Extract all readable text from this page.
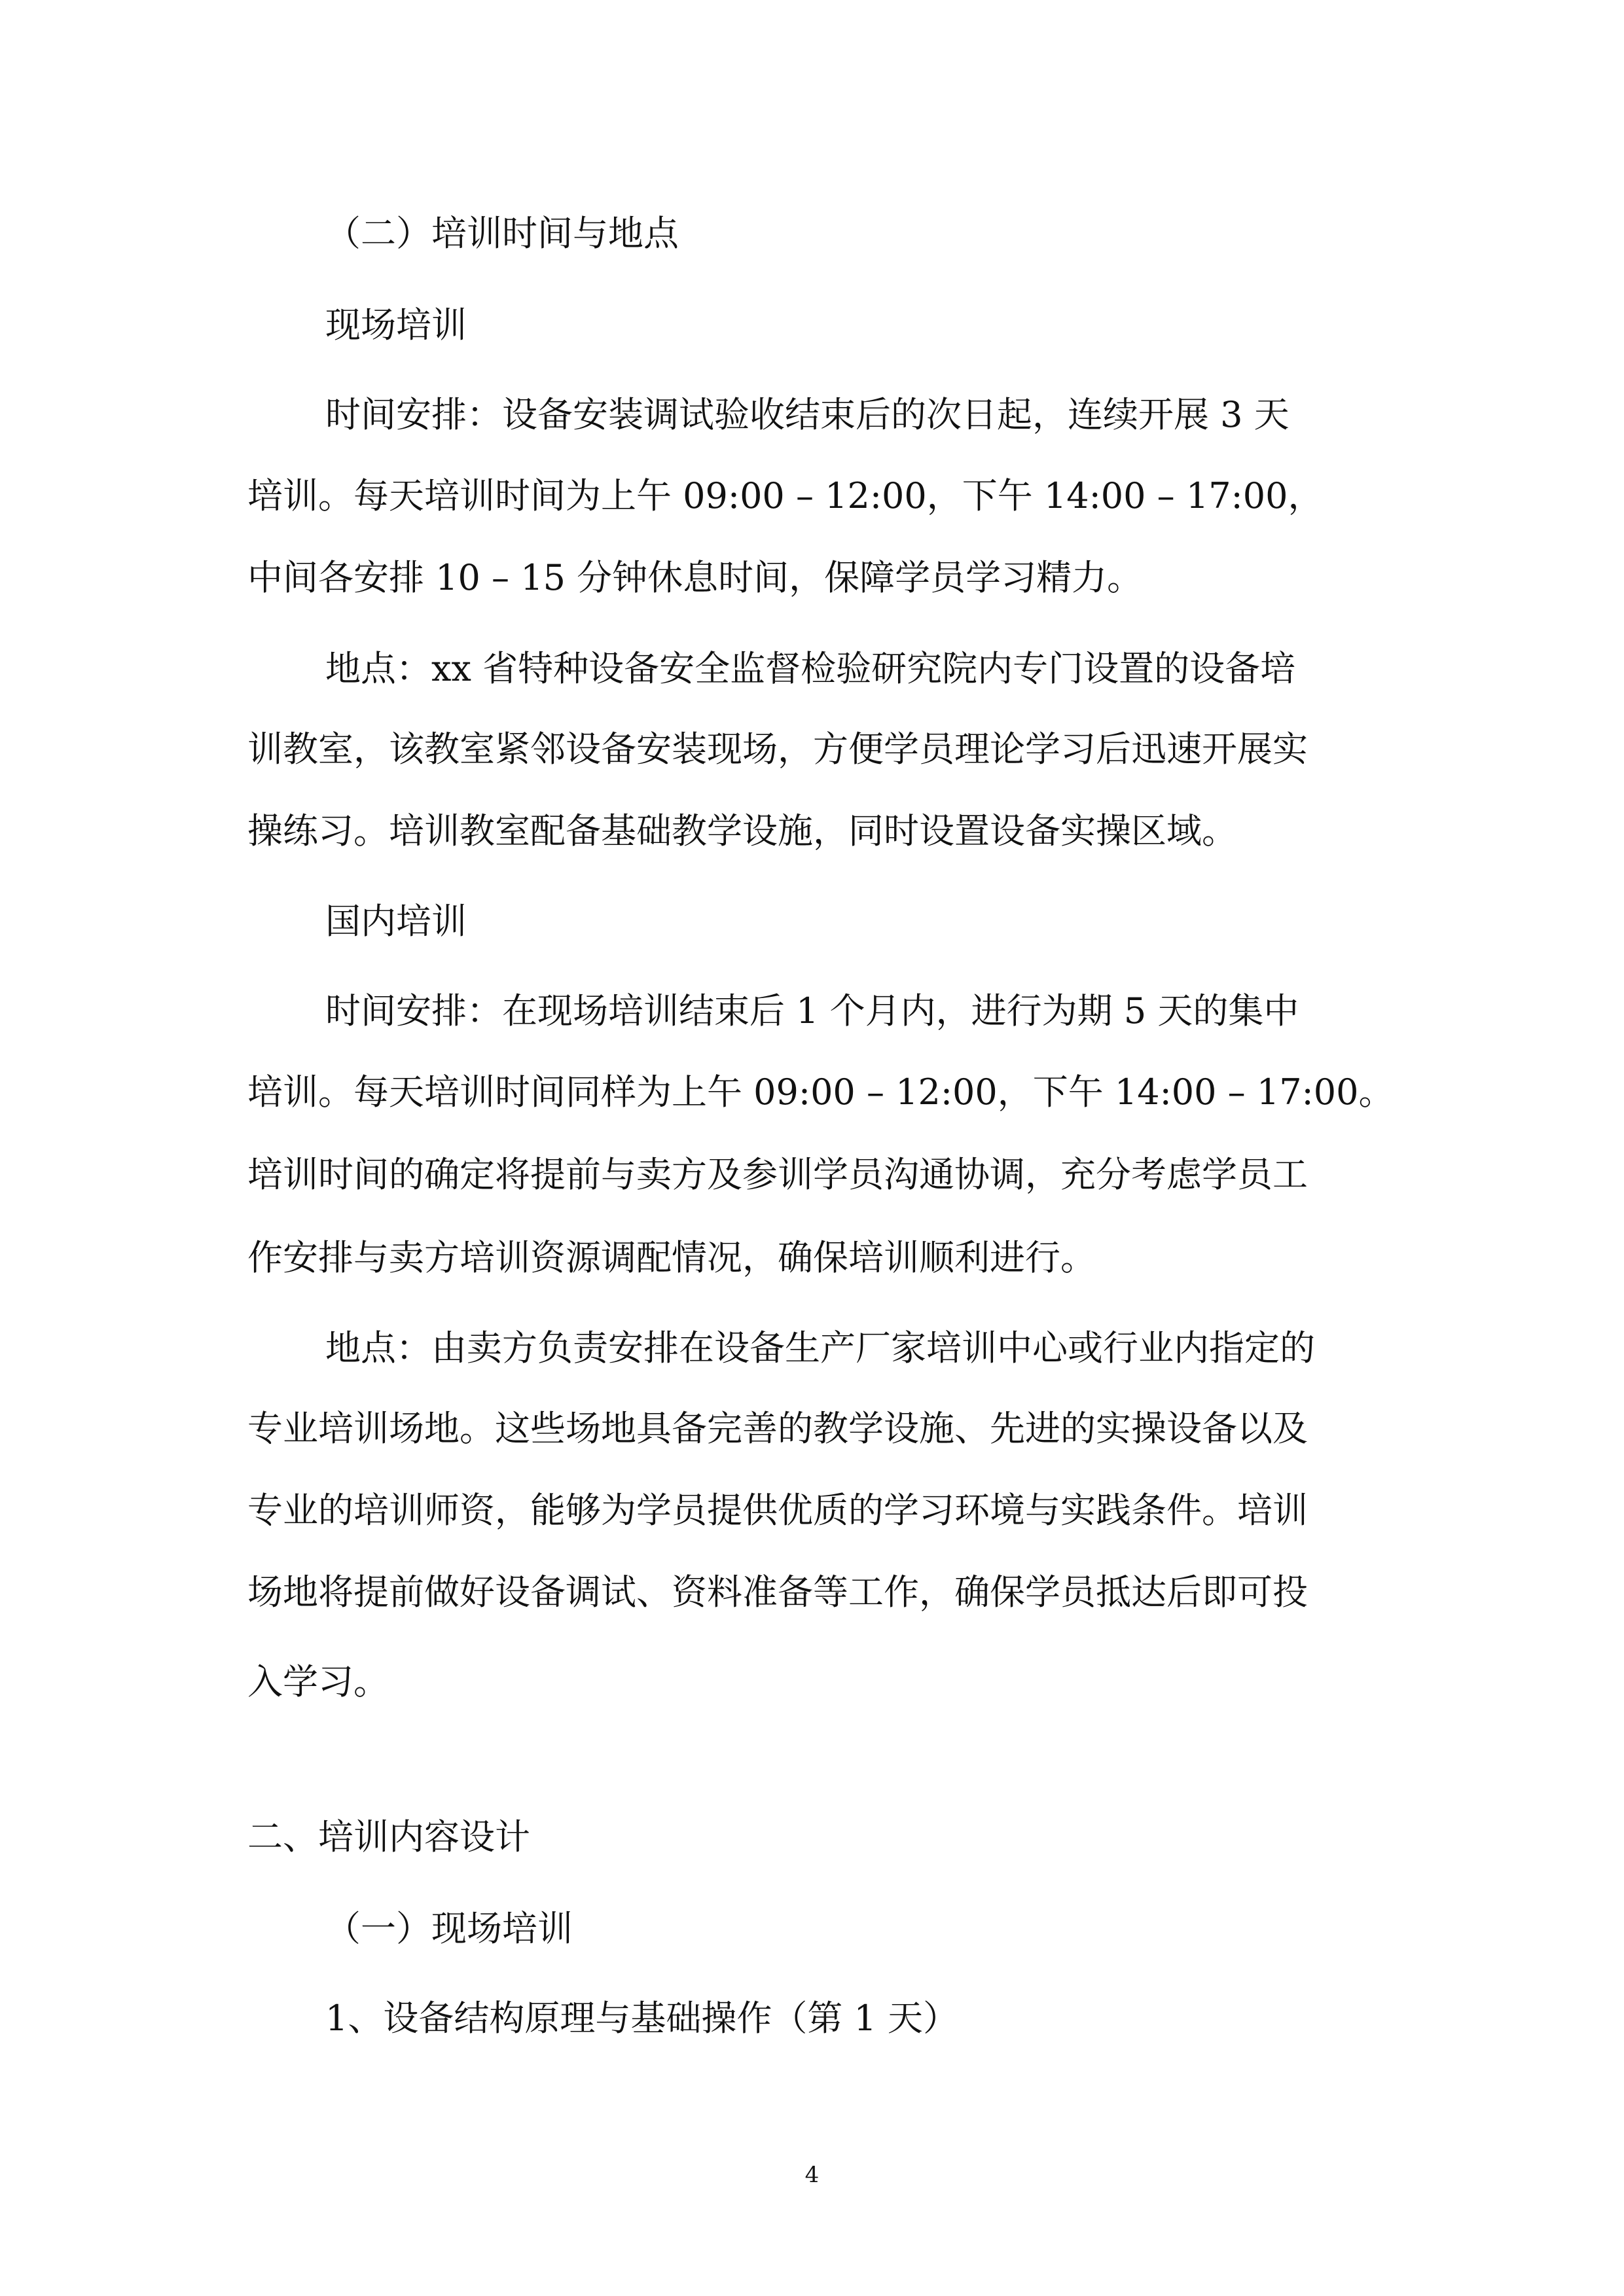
（二）培训时间与地点
现场培训
时间安排：设备安装调试验收结束后的次日起，连续开展 3 天
培训。每天培训时间为上午 09:00 – 12:00，下午 14:00 – 17:00，
中间各安排 10 – 15 分钟休息时间，保障学员学习精力。
地点：xx 省特种设备安全监督检验研究院内专门设置的设备培
训教室，该教室紧邻设备安装现场，方便学员理论学习后迅速开展实
操练习。培训教室配备基础教学设施，同时设置设备实操区域。
国内培训
时间安排：在现场培训结束后 1 个月内，进行为期 5 天的集中
培训。每天培训时间同样为上午 09:00 – 12:00，下午 14:00 – 17:00。
培训时间的确定将提前与卖方及参训学员沟通协调，充分考虑学员工
作安排与卖方培训资源调配情况，确保培训顺利进行。
地点：由卖方负责安排在设备生产厂家培训中心或行业内指定的
专业培训场地。这些场地具备完善的教学设施、先进的实操设备以及
专业的培训师资，能够为学员提供优质的学习环境与实践条件。培训
场地将提前做好设备调试、资料准备等工作，确保学员抵达后即可投
入学习。
二、培训内容设计
（一）现场培训
1、设备结构原理与基础操作（第 1 天）
4
